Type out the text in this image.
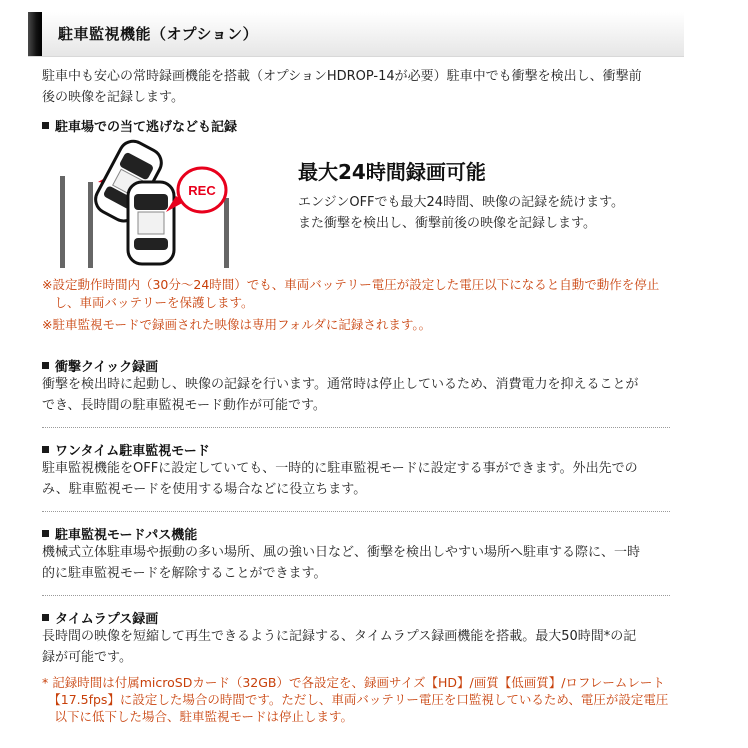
駐車監視機能（オプション）
駐車中も安心の常時録画機能を搭載（オプションHDROP-14が必要）駐車中でも衝撃を検出し、衝撃前
後の映像を記録します。
駐車場での当て逃げなども記録
REC
最大24時間録画可能
エンジンOFFでも最大24時間、映像の記録を続けます。
また衝撃を検出し、衝撃前後の映像を記録します。
※設定動作時間内（30分〜24時間）でも、車両バッテリー電圧が設定した電圧以下になると自動で動作を停止
　し、車両バッテリーを保護します。
※駐車監視モードで録画された映像は専用フォルダに記録されます。。
衝撃クイック録画
衝撃を検出時に起動し、映像の記録を行います。通常時は停止しているため、消費電力を抑えることが
でき、長時間の駐車監視モード動作が可能です。
ワンタイム駐車監視モード
駐車監視機能をOFFに設定していても、一時的に駐車監視モードに設定する事ができます。外出先での
み、駐車監視モードを使用する場合などに役立ちます。
駐車監視モードパス機能
機械式立体駐車場や振動の多い場所、風の強い日など、衝撃を検出しやすい場所へ駐車する際に、一時
的に駐車監視モードを解除することができます。
タイムラプス録画
長時間の映像を短縮して再生できるように記録する、タイムラプス録画機能を搭載。最大50時間*の記
録が可能です。
* 記録時間は付属microSDカード（32GB）で各設定を、録画サイズ【HD】/画質【低画質】/ロフレームレート
　【17.5fps】に設定した場合の時間です。ただし、車両バッテリー電圧を口監視しているため、電圧が設定電圧
　以下に低下した場合、駐車監視モードは停止します。
